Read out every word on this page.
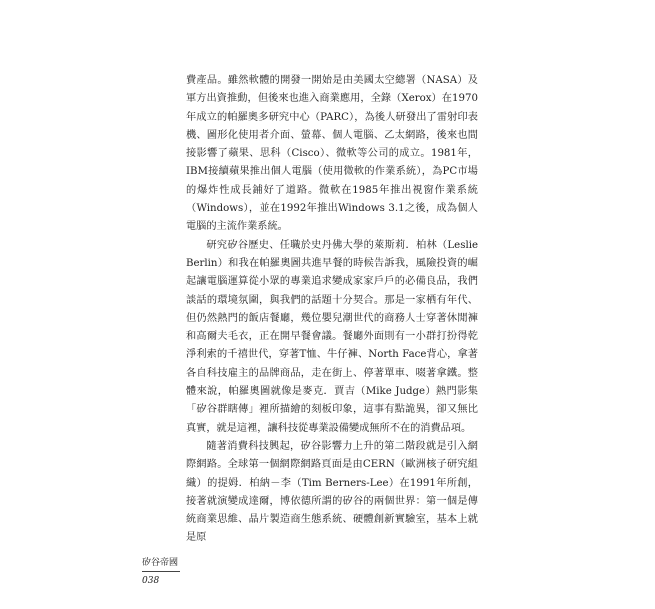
費產品。雖然軟體的開發一開始是由美國太空總署（NASA）及軍方出資推動，但後來也進入商業應用，全錄（Xerox）在1970年成立的帕羅奧多研究中心（PARC），為後人研發出了雷射印表機、圖形化使用者介面、螢幕、個人電腦、乙太網路，後來也間接影響了蘋果、思科（Cisco）、微軟等公司的成立。1981年，IBM接續蘋果推出個人電腦（使用微軟的作業系統），為PC市場的爆炸性成長鋪好了道路。微軟在1985年推出視窗作業系統（Windows），並在1992年推出Windows 3.1之後，成為個人電腦的主流作業系統。

研究矽谷歷史、任職於史丹佛大學的萊斯莉．柏林（Leslie Berlin）和我在帕羅奧圖共進早餐的時候告訴我，風險投資的崛起讓電腦運算從小眾的專業追求變成家家戶戶的必備良品，我們談話的環境氛圍，與我們的話題十分契合。那是一家栖有年代、但仍然熱門的飯店餐廳，幾位嬰兒潮世代的商務人士穿著休閒褲和高爾夫毛衣，正在開早餐會議。餐廳外面則有一小群打扮得乾淨利索的千禧世代，穿著T恤、牛仔褲、North Face背心，拿著各自科技雇主的品牌商品，走在街上、停著單車、啜著拿鐵。整體來說，帕羅奧圖就像是麥克．賈吉（Mike Judge）熱門影集「矽谷群瞎傳」裡所描繪的刻板印象，這事有點詭異，卻又無比真實，就是這裡，讓科技從專業設備變成無所不在的消費品項。

隨著消費科技興起，矽谷影響力上升的第二階段就是引入網際網路。全球第一個網際網路頁面是由CERN（歐洲核子研究組織）的提姆．柏納－李（Tim Berners-Lee）在1991年所創，接著就演變成達爾，博依德所謂的矽谷的兩個世界：第一個是傳統商業思維、晶片製造商生態系統、硬體創新實驗室，基本上就是原

矽谷帝國
038
